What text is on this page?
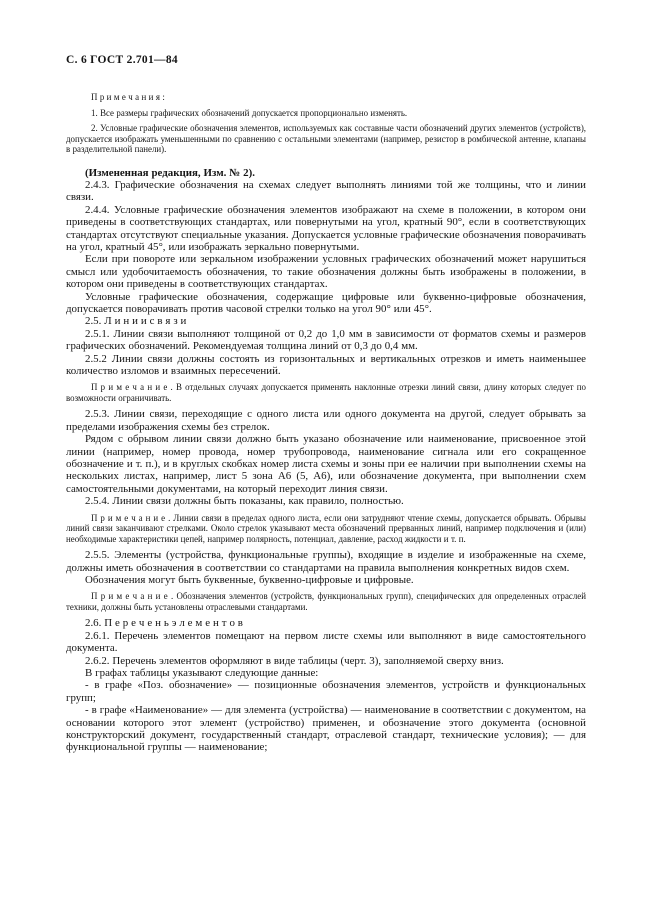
С. 6 ГОСТ 2.701—84

П р и м е ч а н и я :

1. Все размеры графических обозначений допускается пропорционально изменять.

2. Условные графические обозначения элементов, используемых как составные части обозначений других элементов (устройств), допускается изображать уменьшенными по сравнению с остальными элементами (например, резистор в ромбической антенне, клапаны в разделительной панели).

(Измененная редакция, Изм. № 2).

2.4.3. Графические обозначения на схемах следует выполнять линиями той же толщины, что и линии связи.

2.4.4. Условные графические обозначения элементов изображают на схеме в положении, в котором они приведены в соответствующих стандартах, или повернутыми на угол, кратный 90°, если в соответствующих стандартах отсутствуют специальные указания. Допускается условные графические обозначения поворачивать на угол, кратный 45°, или изображать зеркально повернутыми.

Если при повороте или зеркальном изображении условных графических обозначений может нарушиться смысл или удобочитаемость обозначения, то такие обозначения должны быть изображены в положении, в котором они приведены в соответствующих стандартах.

Условные графические обозначения, содержащие цифровые или буквенно-цифровые обозначения, допускается поворачивать против часовой стрелки только на угол 90° или 45°.

2.5. Л и н и и с в я з и

2.5.1. Линии связи выполняют толщиной от 0,2 до 1,0 мм в зависимости от форматов схемы и размеров графических обозначений. Рекомендуемая толщина линий от 0,3 до 0,4 мм.

2.5.2 Линии связи должны состоять из горизонтальных и вертикальных отрезков и иметь наименьшее количество изломов и взаимных пересечений.

П р и м е ч а н и е . В отдельных случаях допускается применять наклонные отрезки линий связи, длину которых следует по возможности ограничивать.

2.5.3. Линии связи, переходящие с одного листа или одного документа на другой, следует обрывать за пределами изображения схемы без стрелок.

Рядом с обрывом линии связи должно быть указано обозначение или наименование, присвоенное этой линии (например, номер провода, номер трубопровода, наименование сигнала или его сокращенное обозначение и т. п.), и в круглых скобках номер листа схемы и зоны при ее наличии при выполнении схемы на нескольких листах, например, лист 5 зона А6 (5, А6), или обозначение документа, при выполнении схем самостоятельными документами, на который переходит линия связи.

2.5.4. Линии связи должны быть показаны, как правило, полностью.

П р и м е ч а н и е . Линии связи в пределах одного листа, если они затрудняют чтение схемы, допускается обрывать. Обрывы линий связи заканчивают стрелками. Около стрелок указывают места обозначений прерванных линий, например подключения и (или) необходимые характеристики цепей, например полярность, потенциал, давление, расход жидкости и т. п.

2.5.5. Элементы (устройства, функциональные группы), входящие в изделие и изображенные на схеме, должны иметь обозначения в соответствии со стандартами на правила выполнения конкретных видов схем.

Обозначения могут быть буквенные, буквенно-цифровые и цифровые.

П р и м е ч а н и е . Обозначения элементов (устройств, функциональных групп), специфических для определенных отраслей техники, должны быть установлены отраслевыми стандартами.

2.6. П е р е ч е н ь э л е м е н т о в

2.6.1. Перечень элементов помещают на первом листе схемы или выполняют в виде самостоятельного документа.

2.6.2. Перечень элементов оформляют в виде таблицы (черт. 3), заполняемой сверху вниз.

В графах таблицы указывают следующие данные:

- в графе «Поз. обозначение» — позиционные обозначения элементов, устройств и функциональных групп;

- в графе «Наименование» — для элемента (устройства) — наименование в соответствии с документом, на основании которого этот элемент (устройство) применен, и обозначение этого документа (основной конструкторский документ, государственный стандарт, отраслевой стандарт, технические условия); — для функциональной группы — наименование;
